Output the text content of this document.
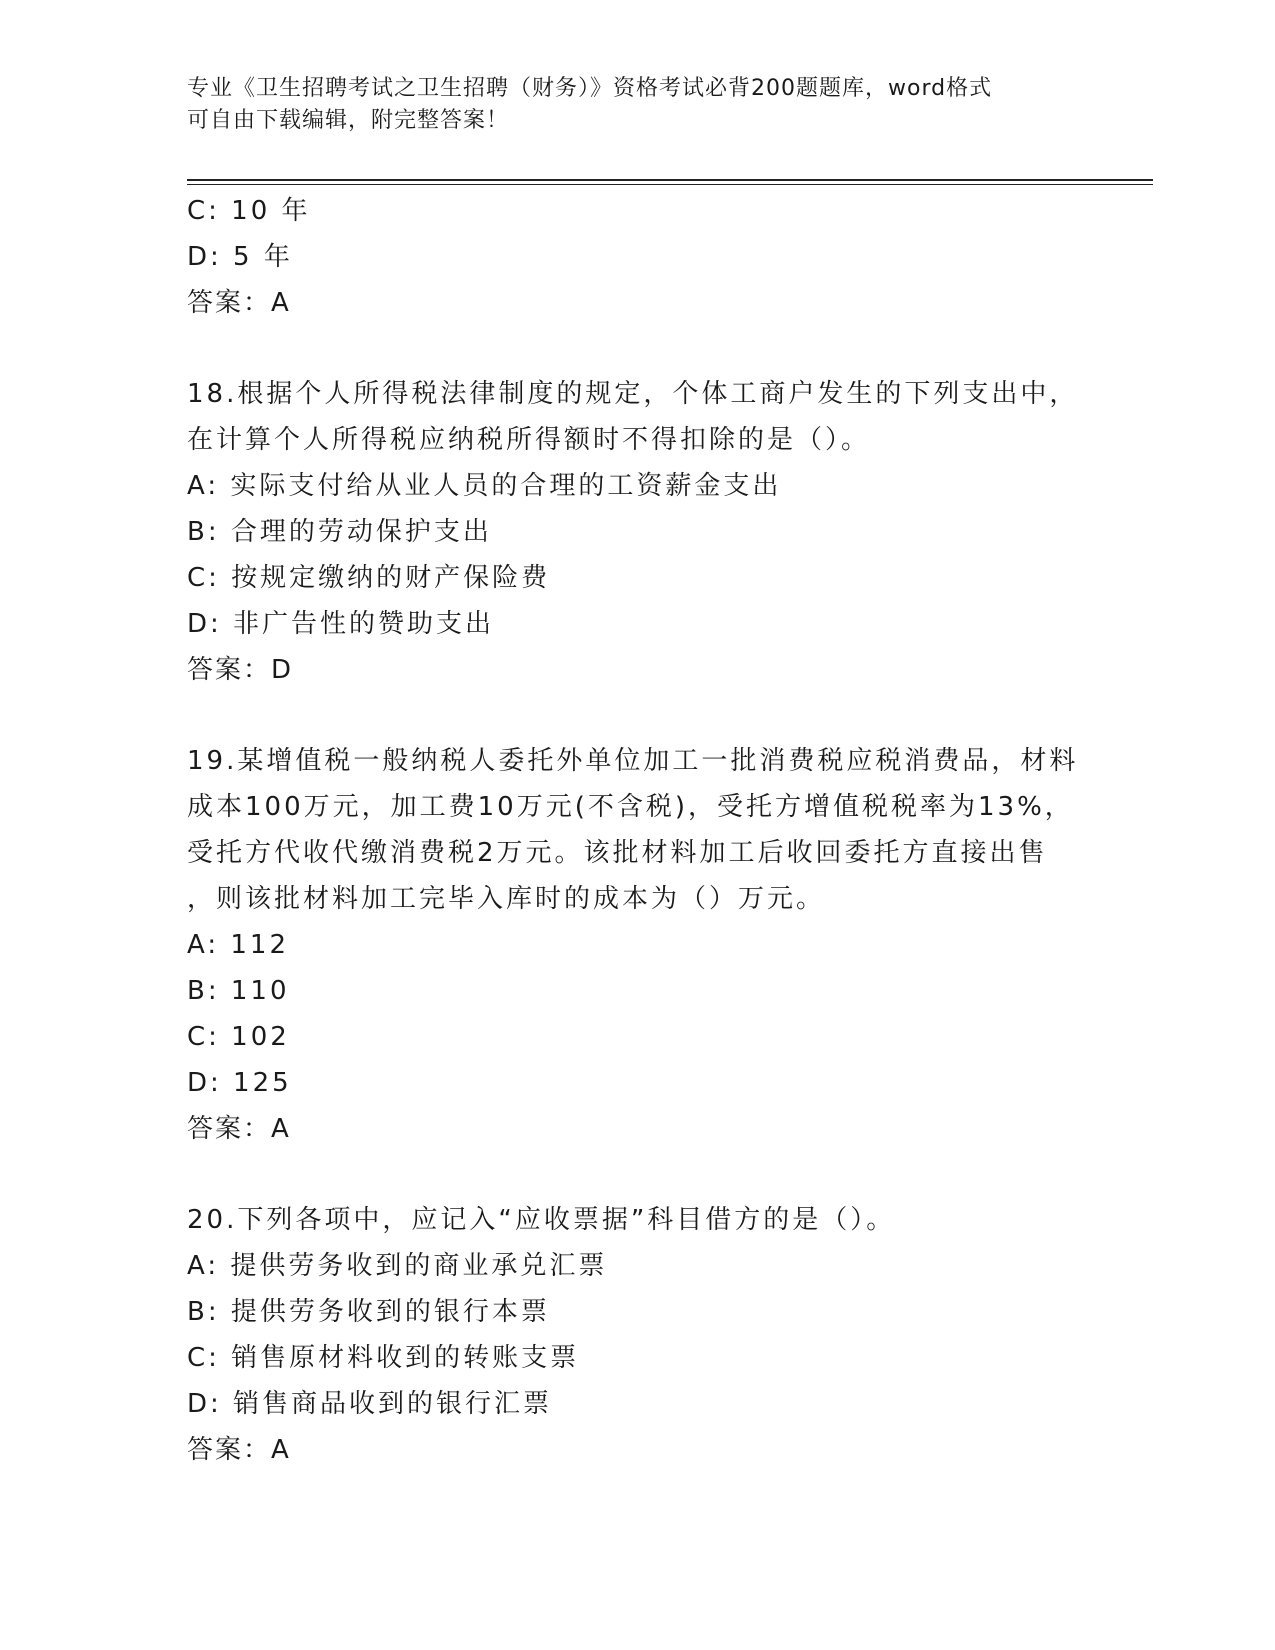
专业《卫生招聘考试之卫生招聘（财务）》资格考试必背200题题库，word格式
可自由下载编辑，附完整答案！
C: 10 年
D: 5 年
答案：A
18.根据个人所得税法律制度的规定，个体工商户发生的下列支出中，
在计算个人所得税应纳税所得额时不得扣除的是（）。
A: 实际支付给从业人员的合理的工资薪金支出
B: 合理的劳动保护支出
C: 按规定缴纳的财产保险费
D: 非广告性的赞助支出
答案：D
19.某增值税一般纳税人委托外单位加工一批消费税应税消费品，材料
成本100万元，加工费10万元(不含税)，受托方增值税税率为13%，
受托方代收代缴消费税2万元。该批材料加工后收回委托方直接出售
，则该批材料加工完毕入库时的成本为（）万元。
A: 112
B: 110
C: 102
D: 125
答案：A
20.下列各项中，应记入“应收票据”科目借方的是（）。
A: 提供劳务收到的商业承兑汇票
B: 提供劳务收到的银行本票
C: 销售原材料收到的转账支票
D: 销售商品收到的银行汇票
答案：A
